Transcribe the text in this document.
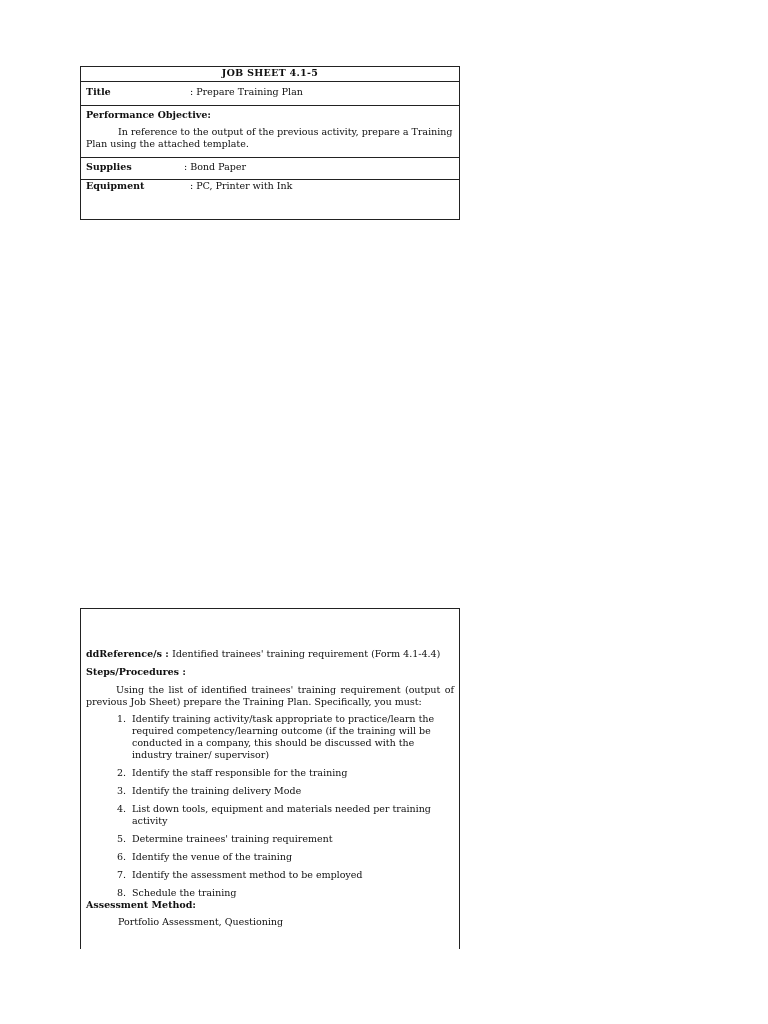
JOB SHEET 4.1-5
Title	: Prepare Training Plan
Performance Objective:
In reference to the output of the previous activity, prepare a Training Plan using the attached template.
Supplies	: Bond Paper
Equipment	: PC, Printer with Ink
ddReference/s : Identified trainees' training requirement (Form 4.1-4.4)
Steps/Procedures :
Using the list of identified trainees' training requirement (output of previous Job Sheet) prepare the Training Plan. Specifically, you must:
1. Identify training activity/task appropriate to practice/learn the required competency/learning outcome (if the training will be conducted in a company, this should be discussed with the industry trainer/ supervisor)
2. Identify the staff responsible for the training
3. Identify the training delivery Mode
4. List down tools, equipment and materials needed per training activity
5. Determine trainees' training requirement
6. Identify the venue of the training
7. Identify the assessment method to be employed
8. Schedule the training
Assessment Method:
Portfolio Assessment, Questioning
